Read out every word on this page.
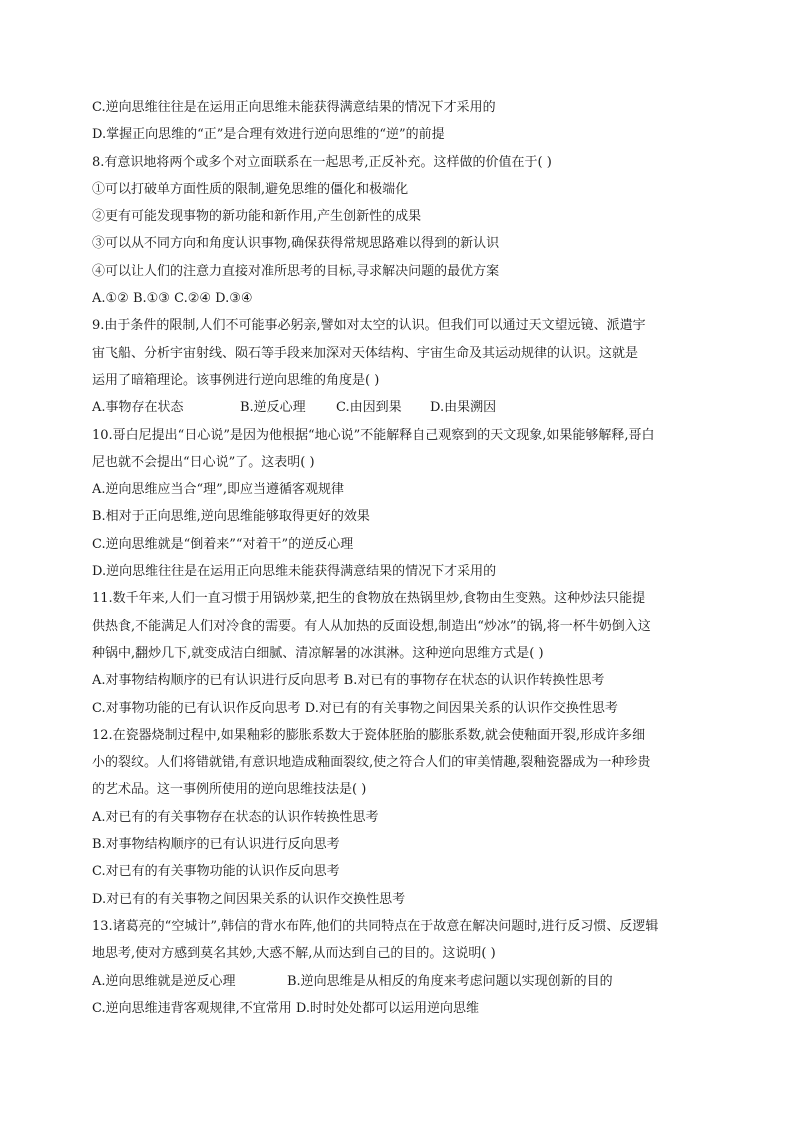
C.逆向思维往往是在运用正向思维未能获得满意结果的情况下才采用的
D.掌握正向思维的“正”是合理有效进行逆向思维的“逆”的前提
8.有意识地将两个或多个对立面联系在一起思考,正反补充。这样做的价值在于( )
①可以打破单方面性质的限制,避免思维的僵化和极端化
②更有可能发现事物的新功能和新作用,产生创新性的成果
③可以从不同方向和角度认识事物,确保获得常规思路难以得到的新认识
④可以让人们的注意力直接对准所思考的目标,寻求解决问题的最优方案
A.①② B.①③ C.②④ D.③④
9.由于条件的限制,人们不可能事必躬亲,譬如对太空的认识。但我们可以通过天文望远镜、派遣宇
宙飞船、分析宇宙射线、陨石等手段来加深对天体结构、宇宙生命及其运动规律的认识。这就是
运用了暗箱理论。该事例进行逆向思维的角度是( )
A.事物存在状态	B.逆反心理	C.由因到果	D.由果溯因
10.哥白尼提出“日心说”是因为他根据“地心说”不能解释自己观察到的天文现象,如果能够解释,哥白
尼也就不会提出“日心说”了。这表明( )
A.逆向思维应当合“理”,即应当遵循客观规律
B.相对于正向思维,逆向思维能够取得更好的效果
C.逆向思维就是“倒着来”“对着干”的逆反心理
D.逆向思维往往是在运用正向思维未能获得满意结果的情况下才采用的
11.数千年来,人们一直习惯于用锅炒菜,把生的食物放在热锅里炒,食物由生变熟。这种炒法只能提
供热食,不能满足人们对冷食的需要。有人从加热的反面设想,制造出“炒冰”的锅,将一杯牛奶倒入这
种锅中,翻炒几下,就变成洁白细腻、清凉解暑的冰淇淋。这种逆向思维方式是( )
A.对事物结构顺序的已有认识进行反向思考 B.对已有的事物存在状态的认识作转换性思考
C.对事物功能的已有认识作反向思考 D.对已有的有关事物之间因果关系的认识作交换性思考
12.在瓷器烧制过程中,如果釉彩的膨胀系数大于瓷体胚胎的膨胀系数,就会使釉面开裂,形成许多细
小的裂纹。人们将错就错,有意识地造成釉面裂纹,使之符合人们的审美情趣,裂釉瓷器成为一种珍贵
的艺术品。这一事例所使用的逆向思维技法是( )
A.对已有的有关事物存在状态的认识作转换性思考
B.对事物结构顺序的已有认识进行反向思考
C.对已有的有关事物功能的认识作反向思考
D.对已有的有关事物之间因果关系的认识作交换性思考
13.诸葛亮的“空城计”,韩信的背水布阵,他们的共同特点在于故意在解决问题时,进行反习惯、反逻辑
地思考,使对方感到莫名其妙,大惑不解,从而达到自己的目的。这说明( )
A.逆向思维就是逆反心理	B.逆向思维是从相反的角度来考虑问题以实现创新的目的
C.逆向思维违背客观规律,不宜常用 D.时时处处都可以运用逆向思维
